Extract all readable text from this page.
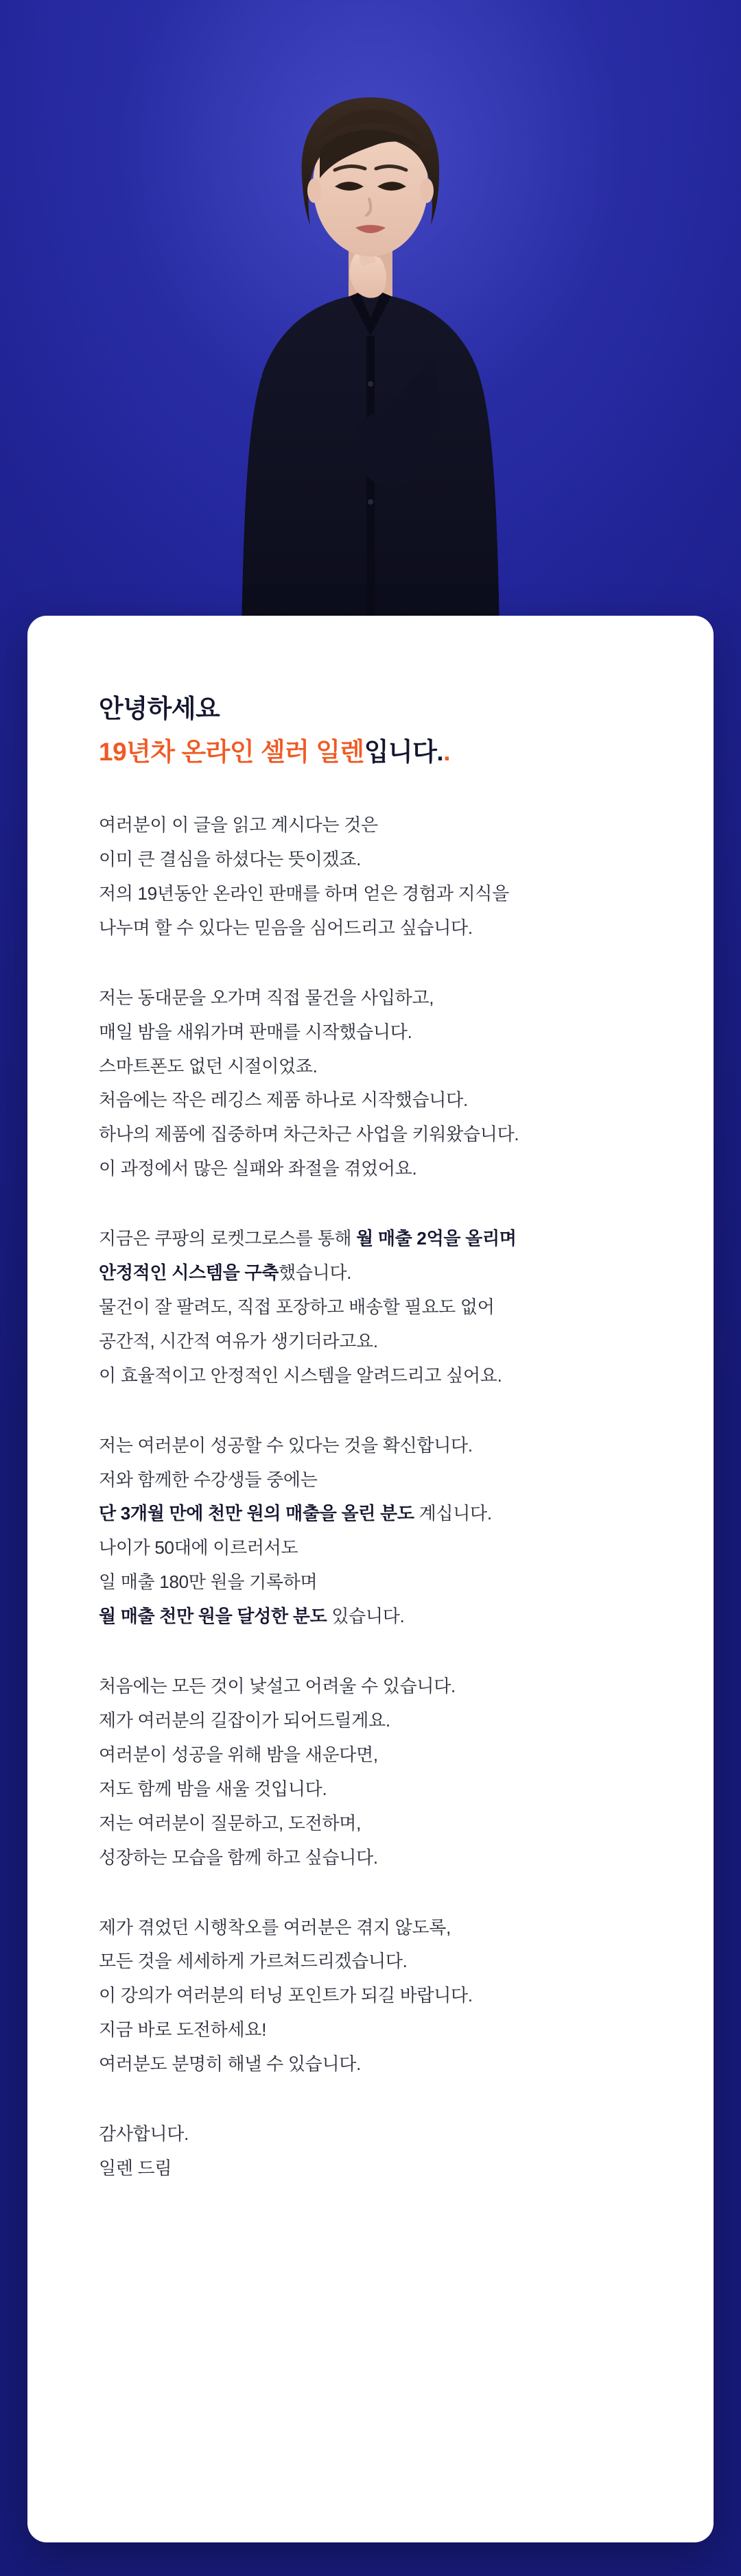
안녕하세요
19년차 온라인 셀러 일렌입니다..

여러분이 이 글을 읽고 계시다는 것은
이미 큰 결심을 하셨다는 뜻이겠죠.
저의 19년동안 온라인 판매를 하며 얻은 경험과 지식을
나누며 할 수 있다는 믿음을 심어드리고 싶습니다.

저는 동대문을 오가며 직접 물건을 사입하고,
매일 밤을 새워가며 판매를 시작했습니다.
스마트폰도 없던 시절이었죠.
처음에는 작은 레깅스 제품 하나로 시작했습니다.
하나의 제품에 집중하며 차근차근 사업을 키워왔습니다.
이 과정에서 많은 실패와 좌절을 겪었어요.

지금은 쿠팡의 로켓그로스를 통해 월 매출 2억을 올리며
안정적인 시스템을 구축했습니다.
물건이 잘 팔려도, 직접 포장하고 배송할 필요도 없어
공간적, 시간적 여유가 생기더라고요.
이 효율적이고 안정적인 시스템을 알려드리고 싶어요.

저는 여러분이 성공할 수 있다는 것을 확신합니다.
저와 함께한 수강생들 중에는
단 3개월 만에 천만 원의 매출을 올린 분도 계십니다.
나이가 50대에 이르러서도
일 매출 180만 원을 기록하며
월 매출 천만 원을 달성한 분도 있습니다.

처음에는 모든 것이 낯설고 어려울 수 있습니다.
제가 여러분의 길잡이가 되어드릴게요.
여러분이 성공을 위해 밤을 새운다면,
저도 함께 밤을 새울 것입니다.
저는 여러분이 질문하고, 도전하며,
성장하는 모습을 함께 하고 싶습니다.

제가 겪었던 시행착오를 여러분은 겪지 않도록,
모든 것을 세세하게 가르쳐드리겠습니다.
이 강의가 여러분의 터닝 포인트가 되길 바랍니다.
지금 바로 도전하세요!
여러분도 분명히 해낼 수 있습니다.

감사합니다.
일렌 드림
